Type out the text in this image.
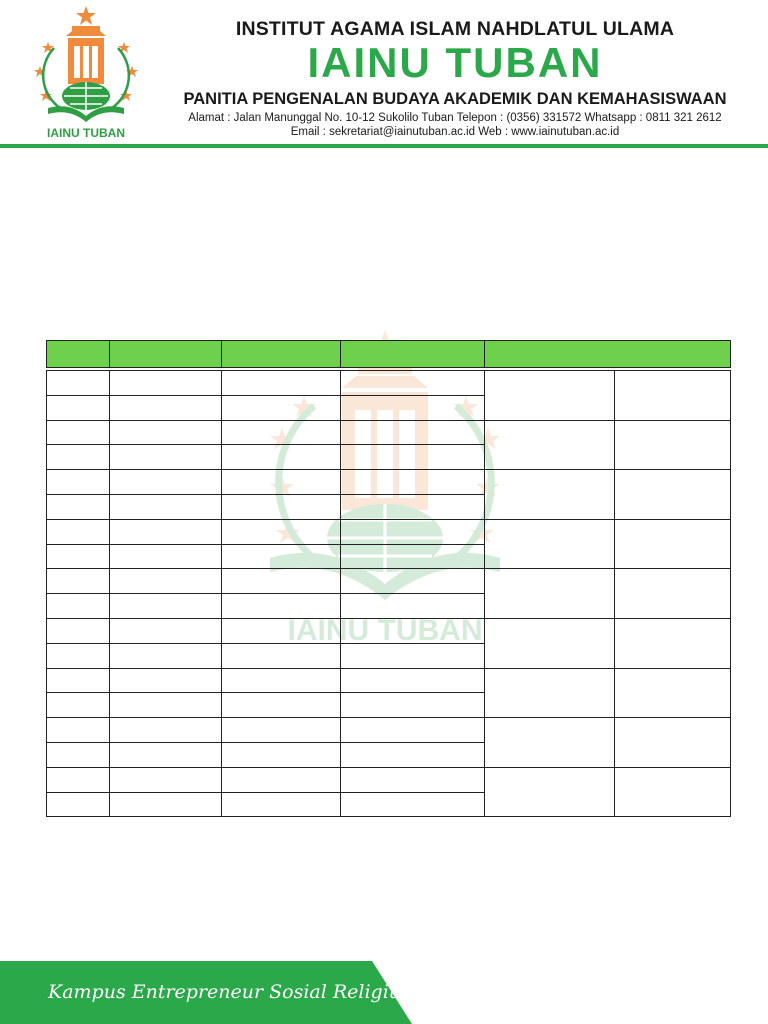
IAINU TUBAN
INSTITUT AGAMA ISLAM NAHDLATUL ULAMA
IAINU TUBAN
PANITIA PENGENALAN BUDAYA AKADEMIK DAN KEMAHASISWAAN
Alamat : Jalan Manunggal No. 10-12 Sukolilo Tuban Telepon : (0356) 331572 Whatsapp : 0811 321 2612
Email : sekretariat@iainutuban.ac.id Web : www.iainutuban.ac.id
IAINU TUBAN

Kampus Entrepreneur Sosial Religius
